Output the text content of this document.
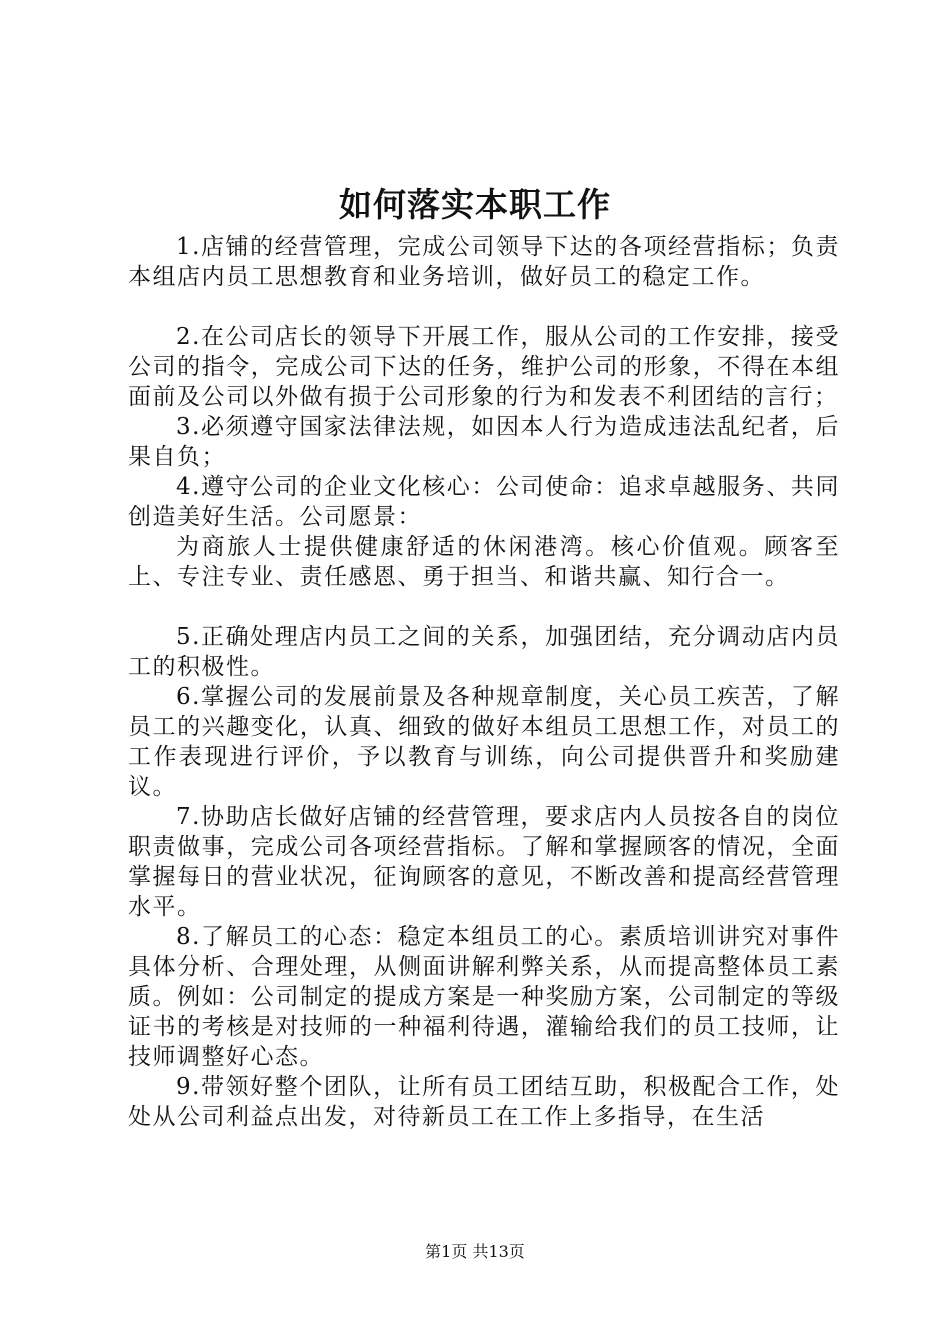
如何落实本职工作

1.店铺的经营管理，完成公司领导下达的各项经营指标；负责本组店内员工思想教育和业务培训，做好员工的稳定工作。

2.在公司店长的领导下开展工作，服从公司的工作安排，接受公司的指令，完成公司下达的任务，维护公司的形象，不得在本组面前及公司以外做有损于公司形象的行为和发表不利团结的言行；

3.必须遵守国家法律法规，如因本人行为造成违法乱纪者，后果自负；

4.遵守公司的企业文化核心：公司使命：追求卓越服务、共同创造美好生活。公司愿景：

为商旅人士提供健康舒适的休闲港湾。核心价值观。顾客至上、专注专业、责任感恩、勇于担当、和谐共赢、知行合一。

5.正确处理店内员工之间的关系，加强团结，充分调动店内员工的积极性。

6.掌握公司的发展前景及各种规章制度，关心员工疾苦，了解员工的兴趣变化，认真、细致的做好本组员工思想工作，对员工的工作表现进行评价，予以教育与训练，向公司提供晋升和奖励建议。

7.协助店长做好店铺的经营管理，要求店内人员按各自的岗位职责做事，完成公司各项经营指标。了解和掌握顾客的情况，全面掌握每日的营业状况，征询顾客的意见，不断改善和提高经营管理水平。

8.了解员工的心态：稳定本组员工的心。素质培训讲究对事件具体分析、合理处理，从侧面讲解利弊关系，从而提高整体员工素质。例如：公司制定的提成方案是一种奖励方案，公司制定的等级证书的考核是对技师的一种福利待遇，灌输给我们的员工技师，让技师调整好心态。

9.带领好整个团队，让所有员工团结互助，积极配合工作，处处从公司利益点出发，对待新员工在工作上多指导，在生活

第1页 共13页
